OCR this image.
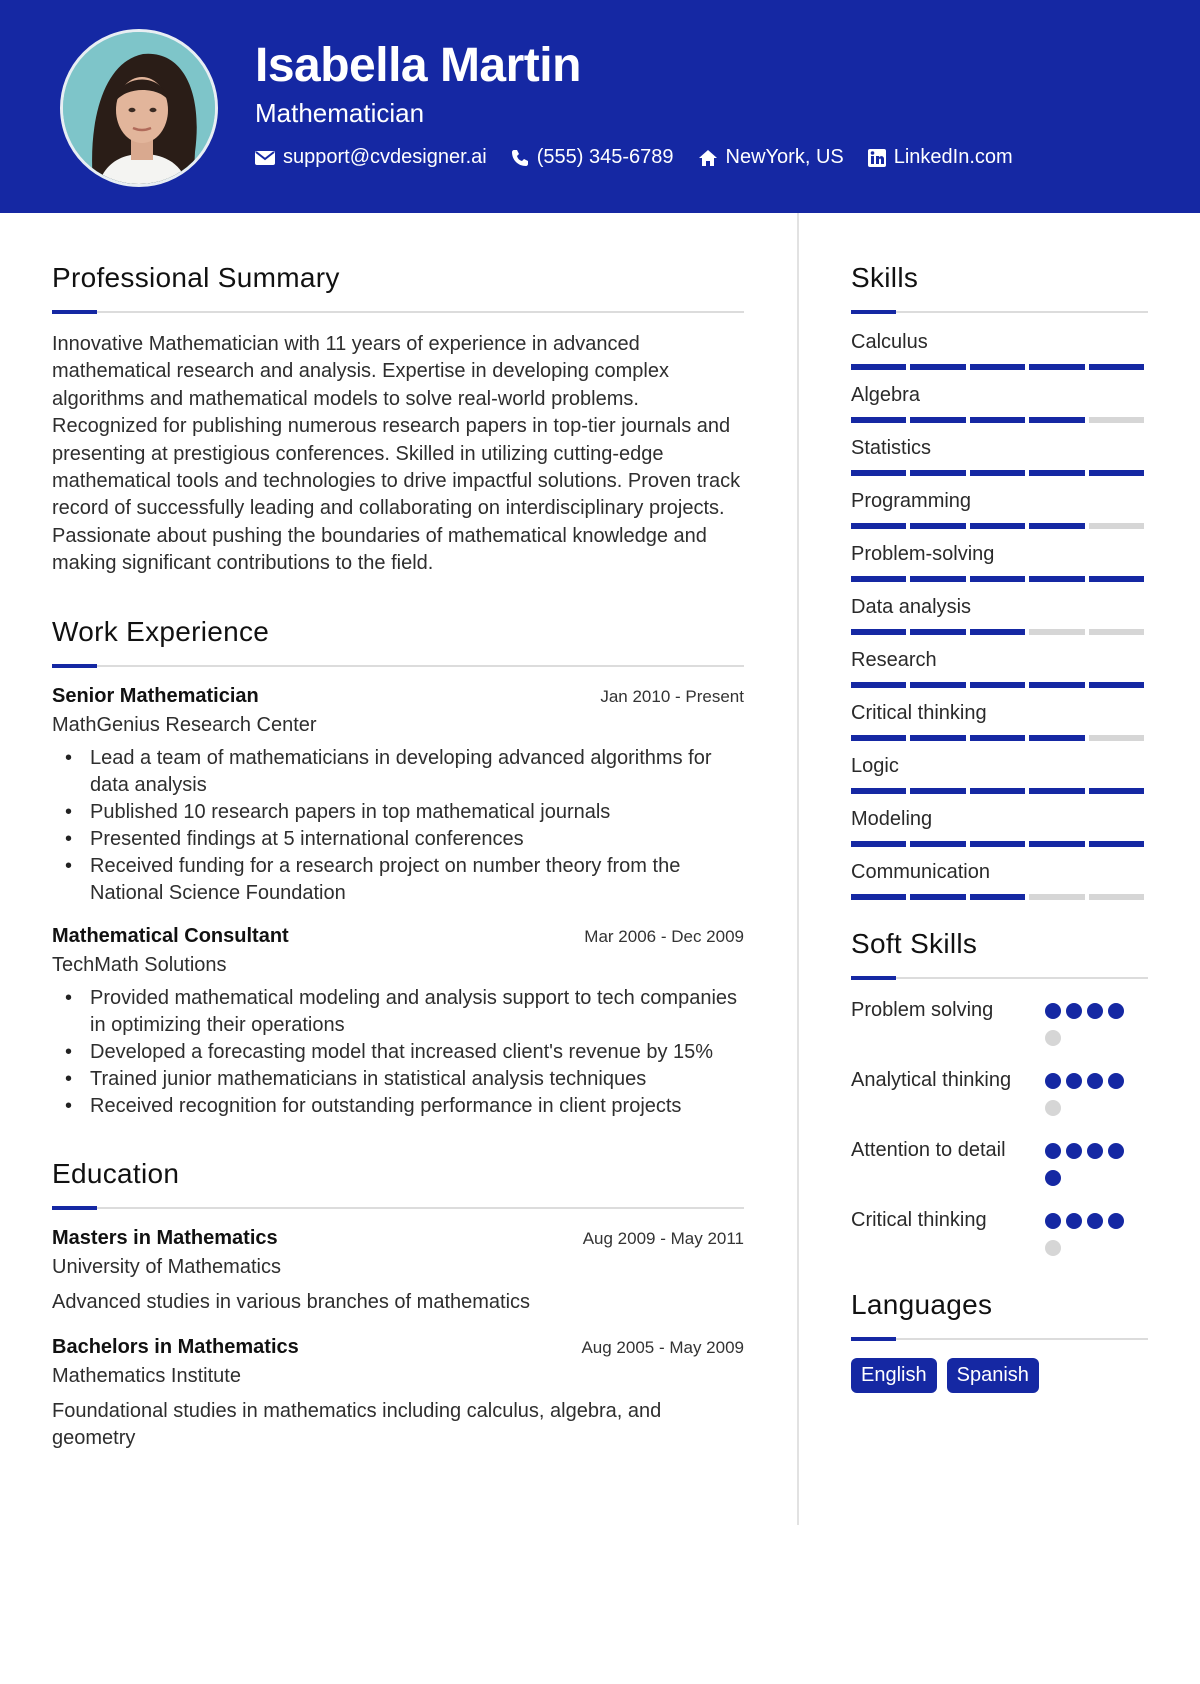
Isabella Martin
Mathematician
support@cvdesigner.ai	(555) 345-6789	NewYork, US	LinkedIn.com
Professional Summary

Innovative Mathematician with 11 years of experience in advanced mathematical research and analysis. Expertise in developing complex algorithms and mathematical models to solve real-world problems. Recognized for publishing numerous research papers in top-tier journals and presenting at prestigious conferences. Skilled in utilizing cutting-edge mathematical tools and technologies to drive impactful solutions. Proven track record of successfully leading and collaborating on interdisciplinary projects. Passionate about pushing the boundaries of mathematical knowledge and making significant contributions to the field.

Work Experience
Senior Mathematician	Jan 2010 - Present
MathGenius Research Center
• Lead a team of mathematicians in developing advanced algorithms for data analysis
• Published 10 research papers in top mathematical journals
• Presented findings at 5 international conferences
• Received funding for a research project on number theory from the National Science Foundation
Mathematical Consultant	Mar 2006 - Dec 2009
TechMath Solutions
• Provided mathematical modeling and analysis support to tech companies in optimizing their operations
• Developed a forecasting model that increased client's revenue by 15%
• Trained junior mathematicians in statistical analysis techniques
• Received recognition for outstanding performance in client projects
Education
Masters in Mathematics	Aug 2009 - May 2011
University of Mathematics
Advanced studies in various branches of mathematics
Bachelors in Mathematics	Aug 2005 - May 2009
Mathematics Institute
Foundational studies in mathematics including calculus, algebra, and geometry
Skills
Calculus
Algebra
Statistics
Programming
Problem-solving
Data analysis
Research
Critical thinking
Logic
Modeling
Communication
Soft Skills
Problem solving
Analytical thinking
Attention to detail
Critical thinking
Languages
English	Spanish
